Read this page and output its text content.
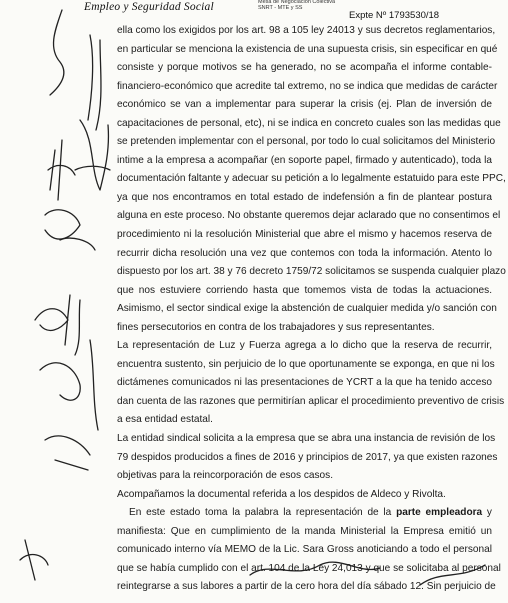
Empleo y Seguridad Social	Mesa de Negociación Colectiva
SNRT - MTE y SS
Expte Nº 1793530/18
ella como los exigidos por los art. 98 a 105 ley 24013 y sus decretos reglamentarios,
en particular se menciona la existencia de una supuesta crisis, sin especificar en qué
consiste y porque motivos se ha generado, no se acompaña el informe contable-
financiero-económico que acredite tal extremo, no se indica que medidas de carácter
económico se van a implementar para superar la crisis (ej. Plan de inversión de
capacitaciones de personal, etc), ni se indica en concreto cuales son las medidas que
se pretenden implementar con el personal, por todo lo cual solicitamos del Ministerio
intime a la empresa a acompañar (en soporte papel, firmado y autenticado), toda la
documentación faltante y adecuar su petición a lo legalmente estatuido para este PPC,
ya que nos encontramos en total estado de indefensión a fin de plantear postura
alguna en este proceso. No obstante queremos dejar aclarado que no consentimos el
procedimiento ni la resolución Ministerial que abre el mismo y hacemos reserva de
recurrir dicha resolución una vez que contemos con toda la información. Atento lo
dispuesto por los art. 38 y 76 decreto 1759/72 solicitamos se suspenda cualquier plazo
que nos estuviere corriendo hasta que tomemos vista de todas la actuaciones.
Asimismo, el sector sindical exige la abstención de cualquier medida y/o sanción con
fines persecutorios en contra de los trabajadores y sus representantes.
La representación de Luz y Fuerza agrega a lo dicho que la reserva de recurrir,
encuentra sustento, sin perjuicio de lo que oportunamente se exponga, en que ni los
dictámenes comunicados ni las presentaciones de YCRT a la que ha tenido acceso
dan cuenta de las razones que permitirían aplicar el procedimiento preventivo de crisis
a esa entidad estatal.
La entidad sindical solicita a la empresa que se abra una instancia de revisión de los
79 despidos producidos a fines de 2016 y principios de 2017, ya que existen razones
objetivas para la reincorporación de esos casos.
Acompañamos la documental referida a los despidos de Aldeco y Rivolta.
En este estado toma la palabra la representación de la parte empleadora y
manifiesta: Que en cumplimiento de la manda Ministerial la Empresa emitió un
comunicado interno vía MEMO de la Lic. Sara Gross anoticiando a todo el personal
que se había cumplido con el art. 104 de la Ley 24,013 y que se solicitaba al personal
reintegrarse a sus labores a partir de la cero hora del día sábado 12. Sin perjuicio de
